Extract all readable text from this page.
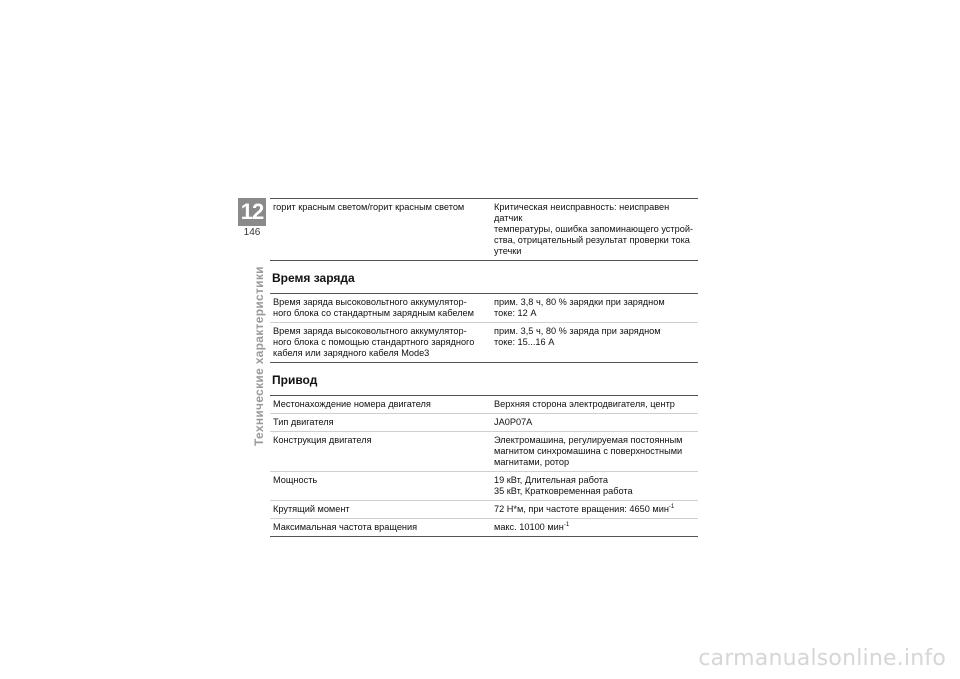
12
146
Технические характеристики
горит красным светом/горит красным светом	Критическая неисправность: неисправен датчик
температуры, ошибка запоминающего устрой-
ства, отрицательный результат проверки тока
утечки
Время заряда
Время заряда высоковольтного аккумулятор-
ного блока со стандартным зарядным кабелем	прим. 3,8 ч, 80 % зарядки при зарядном
токе: 12 А
Время заряда высоковольтного аккумулятор-
ного блока с помощью стандартного зарядного
кабеля или зарядного кабеля Mode3	прим. 3,5 ч, 80 % заряда при зарядном
токе: 15...16 А
Привод
Местонахождение номера двигателя	Верхняя сторона электродвигателя, центр
Тип двигателя	JA0P07A
Конструкция двигателя	Электромашина, регулируемая постоянным
магнитом синхромашина с поверхностными
магнитами, ротор
Мощность	19 кВт, Длительная работа
35 кВт, Кратковременная работа
Крутящий момент	72 Н*м, при частоте вращения: 4650 мин$^{-1}$
Максимальная частота вращения	макс. 10100 мин$^{-1}$
carmanualsonline.info
